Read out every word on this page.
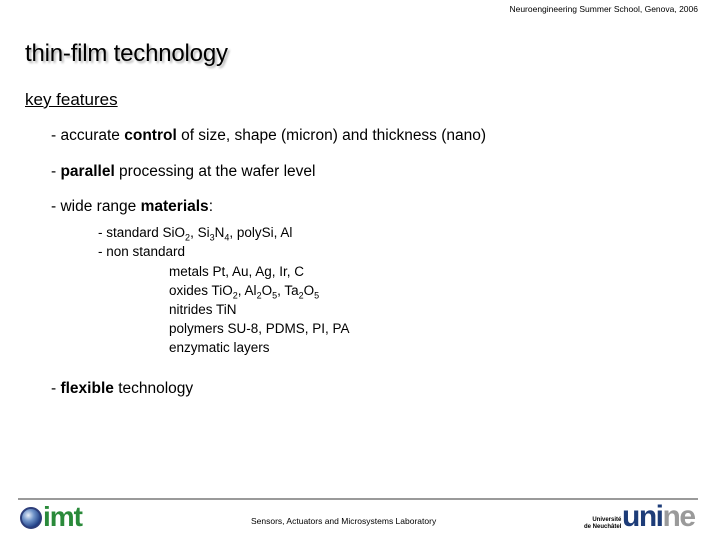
Neuroengineering Summer School, Genova, 2006
thin-film technology
key features
- accurate control of size, shape (micron) and thickness (nano)
- parallel processing at the wafer level
- wide range materials:
- standard SiO$_2$, $Si_3N_4$, polySi, Al
- non standard
metals Pt, Au, Ag, Ir, C
oxides TiO$_2$, $Al_2O_5$, $Ta_2O_5$
nitrides TiN
polymers SU-8, PDMS, PI, PA
enzymatic layers
- flexible technology
imt	Sensors, Actuators and Microsystems Laboratory	Université
de Neuchâtel unine
